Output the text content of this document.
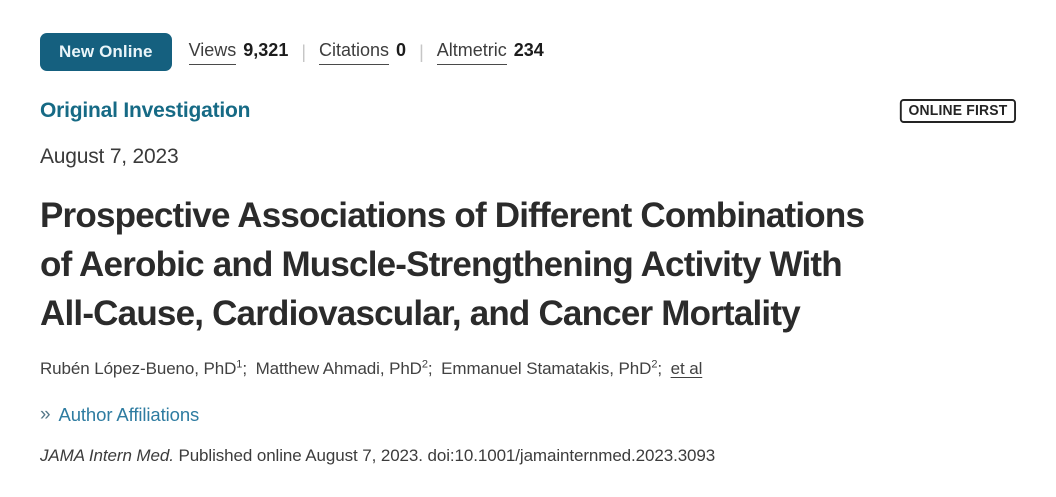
New Online	Views 9,321 | Citations 0 | Altmetric 234
Original Investigation	ONLINE FIRST
August 7, 2023
Prospective Associations of Different Combinations
of Aerobic and Muscle-Strengthening Activity With
All-Cause, Cardiovascular, and Cancer Mortality
Rubén López-Bueno, PhD$^1$; Matthew Ahmadi, PhD$^2$; Emmanuel Stamatakis, PhD$^2$; et al
» Author Affiliations
JAMA Intern Med. Published online August 7, 2023. doi:10.1001/jamainternmed.2023.3093
